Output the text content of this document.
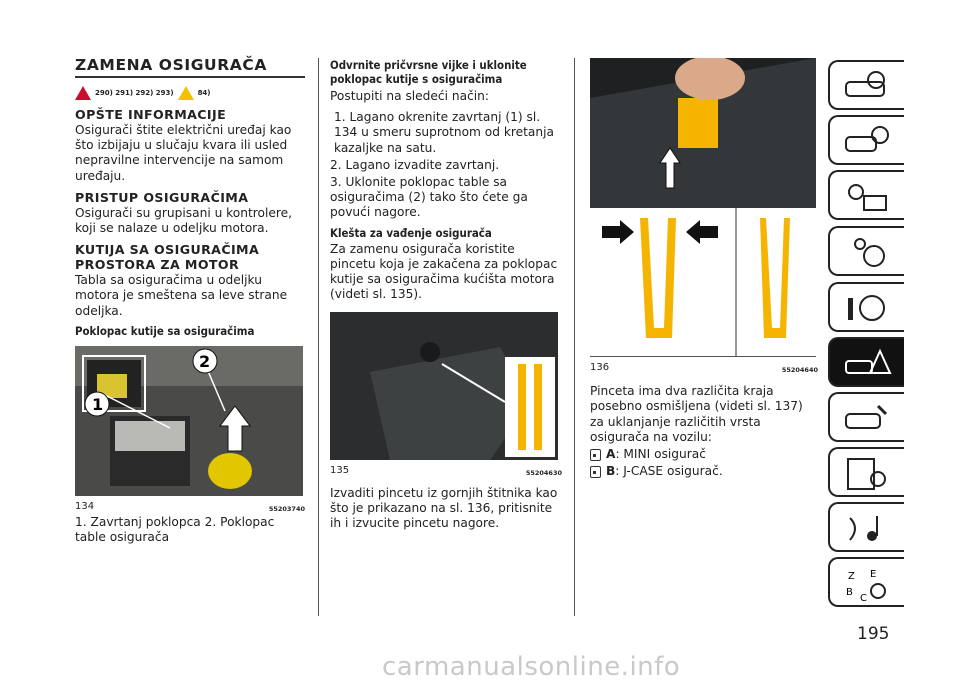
ZAMENA OSIGURAČA
290) 291) 292) 293)	84)
OPŠTE INFORMACIJE

Osigurači štite električni uređaj kao što izbijaju u slučaju kvara ili usled nepravilne intervencije na samom uređaju.

PRISTUP OSIGURAČIMA

Osigurači su grupisani u kontrolere, koji se nalaze u odeljku motora.

KUTIJA SA OSIGURAČIMA PROSTORA ZA MOTOR

Tabla sa osiguračima u odeljku motora je smeštena sa leve strane odeljka.

Poklopac kutije sa osiguračima
1
2
134	55203740

1. Zavrtanj poklopca 2. Poklopac table osigurača

Odvrnite pričvrsne vijke i uklonite poklopac kutije s osiguračima

Postupiti na sledeći način:

1. Lagano okrenite zavrtanj (1) sl. 134 u smeru suprotnom od kretanja kazaljke na satu.

2. Lagano izvadite zavrtanj.

3. Uklonite poklopac table sa osiguračima (2) tako što ćete ga povući nagore.

Klešta za vađenje osigurača

Za zamenu osigurača koristite pincetu koja je zakačena za poklopac kutije sa osiguračima kućišta motora (videti sl. 135).

135	55204630

Izvaditi pincetu iz gornjih štitnika kao što je prikazano na sl. 136, pritisnite ih i izvucite pincetu nagore.

136	55204640

Pinceta ima dva različita kraja posebno osmišljena (videti sl. 137) za uklanjanje različitih vrsta osigurača na vozilu:

A: MINI osigurač
B: J-CASE osigurač.
Z E
B
C
195
carmanualsonline.info
